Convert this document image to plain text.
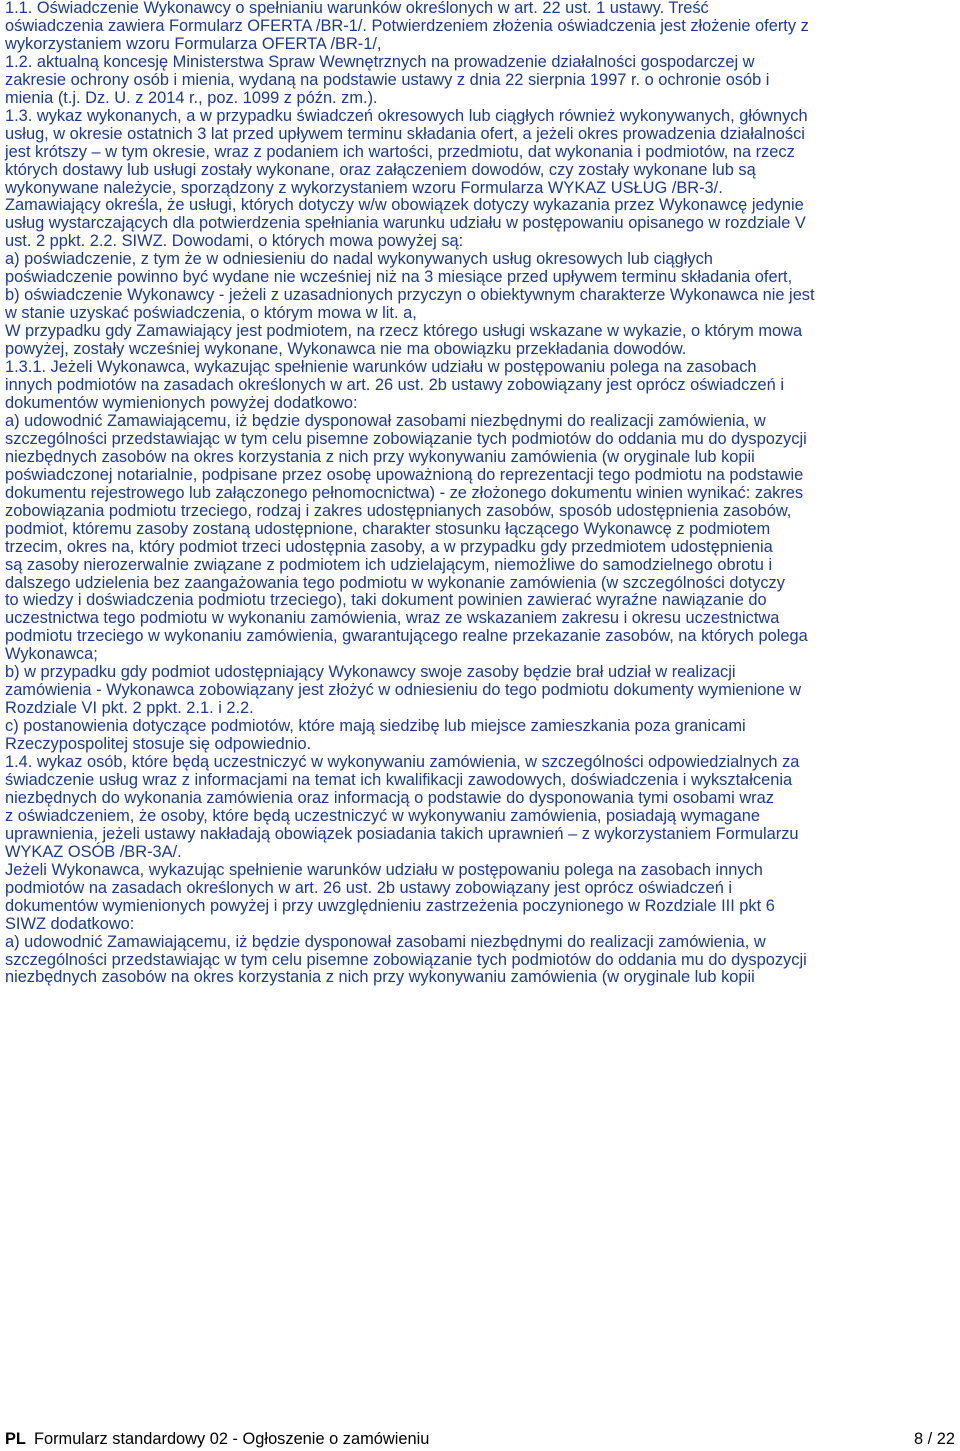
1.1. Oświadczenie Wykonawcy o spełnianiu warunków określonych w art. 22 ust. 1 ustawy. Treść

oświadczenia zawiera Formularz OFERTA /BR-1/. Potwierdzeniem złożenia oświadczenia jest złożenie oferty z

wykorzystaniem wzoru Formularza OFERTA /BR-1/,

1.2. aktualną koncesję Ministerstwa Spraw Wewnętrznych na prowadzenie działalności gospodarczej w

zakresie ochrony osób i mienia, wydaną na podstawie ustawy z dnia 22 sierpnia 1997 r. o ochronie osób i

mienia (t.j. Dz. U. z 2014 r., poz. 1099 z późn. zm.).

1.3. wykaz wykonanych, a w przypadku świadczeń okresowych lub ciągłych również wykonywanych, głównych

usług, w okresie ostatnich 3 lat przed upływem terminu składania ofert, a jeżeli okres prowadzenia działalności

jest krótszy – w tym okresie, wraz z podaniem ich wartości, przedmiotu, dat wykonania i podmiotów, na rzecz

których dostawy lub usługi zostały wykonane, oraz załączeniem dowodów, czy zostały wykonane lub są

wykonywane należycie, sporządzony z wykorzystaniem wzoru Formularza WYKAZ USŁUG /BR-3/.

Zamawiający określa, że usługi, których dotyczy w/w obowiązek dotyczy wykazania przez Wykonawcę jedynie

usług wystarczających dla potwierdzenia spełniania warunku udziału w postępowaniu opisanego w rozdziale V

ust. 2 ppkt. 2.2. SIWZ. Dowodami, o których mowa powyżej są:

a) poświadczenie, z tym że w odniesieniu do nadal wykonywanych usług okresowych lub ciągłych

poświadczenie powinno być wydane nie wcześniej niż na 3 miesiące przed upływem terminu składania ofert,

b) oświadczenie Wykonawcy - jeżeli z uzasadnionych przyczyn o obiektywnym charakterze Wykonawca nie jest

w stanie uzyskać poświadczenia, o którym mowa w lit. a,

W przypadku gdy Zamawiający jest podmiotem, na rzecz którego usługi wskazane w wykazie, o którym mowa

powyżej, zostały wcześniej wykonane, Wykonawca nie ma obowiązku przekładania dowodów.

1.3.1. Jeżeli Wykonawca, wykazując spełnienie warunków udziału w postępowaniu polega na zasobach

innych podmiotów na zasadach określonych w art. 26 ust. 2b ustawy zobowiązany jest oprócz oświadczeń i

dokumentów wymienionych powyżej dodatkowo:

a) udowodnić Zamawiającemu, iż będzie dysponował zasobami niezbędnymi do realizacji zamówienia, w

szczególności przedstawiając w tym celu pisemne zobowiązanie tych podmiotów do oddania mu do dyspozycji

niezbędnych zasobów na okres korzystania z nich przy wykonywaniu zamówienia (w oryginale lub kopii

poświadczonej notarialnie, podpisane przez osobę upoważnioną do reprezentacji tego podmiotu na podstawie

dokumentu rejestrowego lub załączonego pełnomocnictwa) - ze złożonego dokumentu winien wynikać: zakres

zobowiązania podmiotu trzeciego, rodzaj i zakres udostępnianych zasobów, sposób udostępnienia zasobów,

podmiot, któremu zasoby zostaną udostępnione, charakter stosunku łączącego Wykonawcę z podmiotem

trzecim, okres na, który podmiot trzeci udostępnia zasoby, a w przypadku gdy przedmiotem udostępnienia

są zasoby nierozerwalnie związane z podmiotem ich udzielającym, niemożliwe do samodzielnego obrotu i

dalszego udzielenia bez zaangażowania tego podmiotu w wykonanie zamówienia (w szczególności dotyczy

to wiedzy i doświadczenia podmiotu trzeciego), taki dokument powinien zawierać wyraźne nawiązanie do

uczestnictwa tego podmiotu w wykonaniu zamówienia, wraz ze wskazaniem zakresu i okresu uczestnictwa

podmiotu trzeciego w wykonaniu zamówienia, gwarantującego realne przekazanie zasobów, na których polega

Wykonawca;

b) w przypadku gdy podmiot udostępniający Wykonawcy swoje zasoby będzie brał udział w realizacji

zamówienia - Wykonawca zobowiązany jest złożyć w odniesieniu do tego podmiotu dokumenty wymienione w

Rozdziale VI pkt. 2 ppkt. 2.1. i 2.2.

c) postanowienia dotyczące podmiotów, które mają siedzibę lub miejsce zamieszkania poza granicami

Rzeczypospolitej stosuje się odpowiednio.

1.4. wykaz osób, które będą uczestniczyć w wykonywaniu zamówienia, w szczególności odpowiedzialnych za

świadczenie usług wraz z informacjami na temat ich kwalifikacji zawodowych, doświadczenia i wykształcenia

niezbędnych do wykonania zamówienia oraz informacją o podstawie do dysponowania tymi osobami wraz

z oświadczeniem, że osoby, które będą uczestniczyć w wykonywaniu zamówienia, posiadają wymagane

uprawnienia, jeżeli ustawy nakładają obowiązek posiadania takich uprawnień – z wykorzystaniem Formularzu

WYKAZ OSÓB /BR-3A/.

Jeżeli Wykonawca, wykazując spełnienie warunków udziału w postępowaniu polega na zasobach innych

podmiotów na zasadach określonych w art. 26 ust. 2b ustawy zobowiązany jest oprócz oświadczeń i

dokumentów wymienionych powyżej i przy uwzględnieniu zastrzeżenia poczynionego w Rozdziale III pkt 6

SIWZ dodatkowo:

a) udowodnić Zamawiającemu, iż będzie dysponował zasobami niezbędnymi do realizacji zamówienia, w

szczególności przedstawiając w tym celu pisemne zobowiązanie tych podmiotów do oddania mu do dyspozycji

niezbędnych zasobów na okres korzystania z nich przy wykonywaniu zamówienia (w oryginale lub kopii

PL Formularz standardowy 02 - Ogłoszenie o zamówieniu	8 / 22
